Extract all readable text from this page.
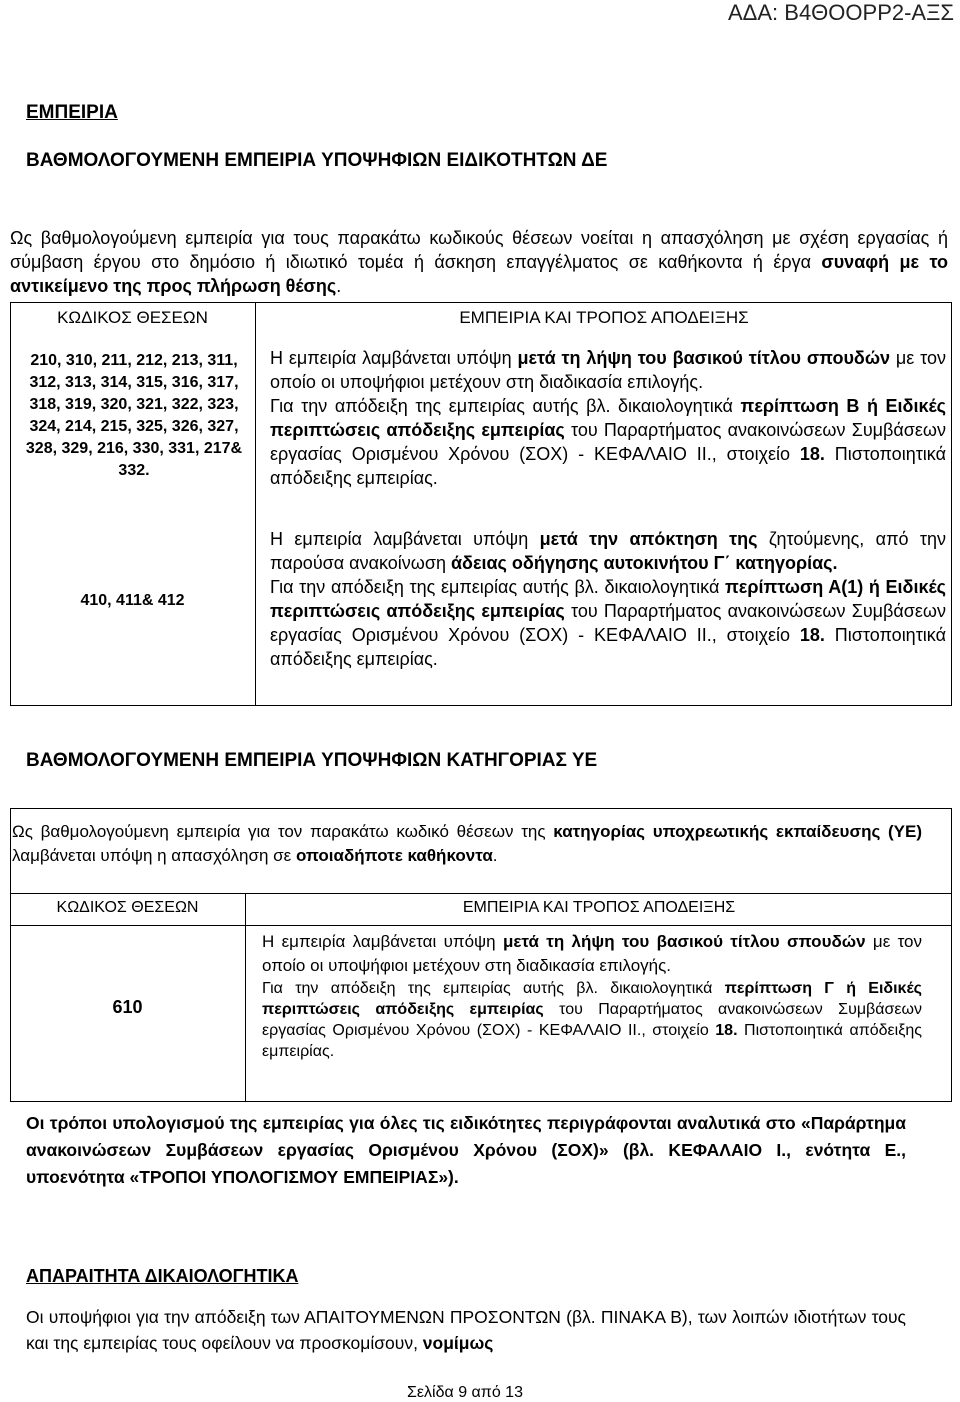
ΑΔΑ: Β4ΘΟΟΡΡ2-ΑΞΣ
ΕΜΠΕΙΡΙΑ
ΒΑΘΜΟΛΟΓΟΥΜΕΝΗ ΕΜΠΕΙΡΙΑ ΥΠΟΨΗΦΙΩΝ ΕΙΔΙΚΟΤΗΤΩΝ ΔΕ
Ως βαθμολογούμενη εμπειρία για τους παρακάτω κωδικούς θέσεων νοείται η απασχόληση με σχέση εργασίας ή σύμβαση έργου στο δημόσιο ή ιδιωτικό τομέα ή άσκηση επαγγέλματος σε καθήκοντα ή έργα συναφή με το αντικείμενο της προς πλήρωση θέσης.
ΚΩΔΙΚΟΣ ΘΕΣΕΩΝ	ΕΜΠΕΙΡΙΑ ΚΑΙ ΤΡΟΠΟΣ ΑΠΟΔΕΙΞΗΣ
210, 310, 211, 212, 213, 311, 312, 313, 314, 315, 316, 317, 318, 319, 320, 321, 322, 323, 324, 214, 215, 325, 326, 327, 328, 329, 216, 330, 331, 217& 332.

Η εμπειρία λαμβάνεται υπόψη μετά τη λήψη του βασικού τίτλου σπουδών με τον οποίο οι υποψήφιοι μετέχουν στη διαδικασία επιλογής.

Για την απόδειξη της εμπειρίας αυτής βλ. δικαιολογητικά περίπτωση Β ή Ειδικές περιπτώσεις απόδειξης εμπειρίας του Παραρτήματος ανακοινώσεων Συμβάσεων εργασίας Ορισμένου Χρόνου (ΣΟΧ) - ΚΕΦΑΛΑΙΟ ΙΙ., στοιχείο 18. Πιστοποιητικά απόδειξης εμπειρίας.

410, 411& 412

Η εμπειρία λαμβάνεται υπόψη μετά την απόκτηση της ζητούμενης, από την παρούσα ανακοίνωση άδειας οδήγησης αυτοκινήτου Γ΄ κατηγορίας.

Για την απόδειξη της εμπειρίας αυτής βλ. δικαιολογητικά περίπτωση Α(1) ή Ειδικές περιπτώσεις απόδειξης εμπειρίας του Παραρτήματος ανακοινώσεων Συμβάσεων εργασίας Ορισμένου Χρόνου (ΣΟΧ) - ΚΕΦΑΛΑΙΟ ΙΙ., στοιχείο 18. Πιστοποιητικά απόδειξης εμπειρίας.

ΒΑΘΜΟΛΟΓΟΥΜΕΝΗ ΕΜΠΕΙΡΙΑ ΥΠΟΨΗΦΙΩΝ ΚΑΤΗΓΟΡΙΑΣ ΥΕ
Ως βαθμολογούμενη εμπειρία για τον παρακάτω κωδικό θέσεων της κατηγορίας υποχρεωτικής εκπαίδευσης (ΥΕ) λαμβάνεται υπόψη η απασχόληση σε οποιαδήποτε καθήκοντα.
ΚΩΔΙΚΟΣ ΘΕΣΕΩΝ	ΕΜΠΕΙΡΙΑ ΚΑΙ ΤΡΟΠΟΣ ΑΠΟΔΕΙΞΗΣ
610

Η εμπειρία λαμβάνεται υπόψη μετά τη λήψη του βασικού τίτλου σπουδών με τον οποίο οι υποψήφιοι μετέχουν στη διαδικασία επιλογής.

Για την απόδειξη της εμπειρίας αυτής βλ. δικαιολογητικά περίπτωση Γ ή Ειδικές περιπτώσεις απόδειξης εμπειρίας του Παραρτήματος ανακοινώσεων Συμβάσεων εργασίας Ορισμένου Χρόνου (ΣΟΧ) - ΚΕΦΑΛΑΙΟ ΙΙ., στοιχείο 18. Πιστοποιητικά απόδειξης εμπειρίας.

Οι τρόποι υπολογισμού της εμπειρίας για όλες τις ειδικότητες περιγράφονται αναλυτικά στο «Παράρτημα ανακοινώσεων Συμβάσεων εργασίας Ορισμένου Χρόνου (ΣΟΧ)» (βλ. ΚΕΦΑΛΑΙΟ Ι., ενότητα Ε., υποενότητα «ΤΡΟΠΟΙ ΥΠΟΛΟΓΙΣΜΟΥ ΕΜΠΕΙΡΙΑΣ»).
ΑΠΑΡΑΙΤΗΤΑ ΔΙΚΑΙΟΛΟΓΗΤΙΚΑ
Οι υποψήφιοι για την απόδειξη των ΑΠΑΙΤΟΥΜΕΝΩΝ ΠΡΟΣΟΝΤΩΝ (βλ. ΠΙΝΑΚΑ Β), των λοιπών ιδιοτήτων τους και της εμπειρίας τους οφείλουν να προσκομίσουν, νομίμως
Σελίδα 9 από 13
